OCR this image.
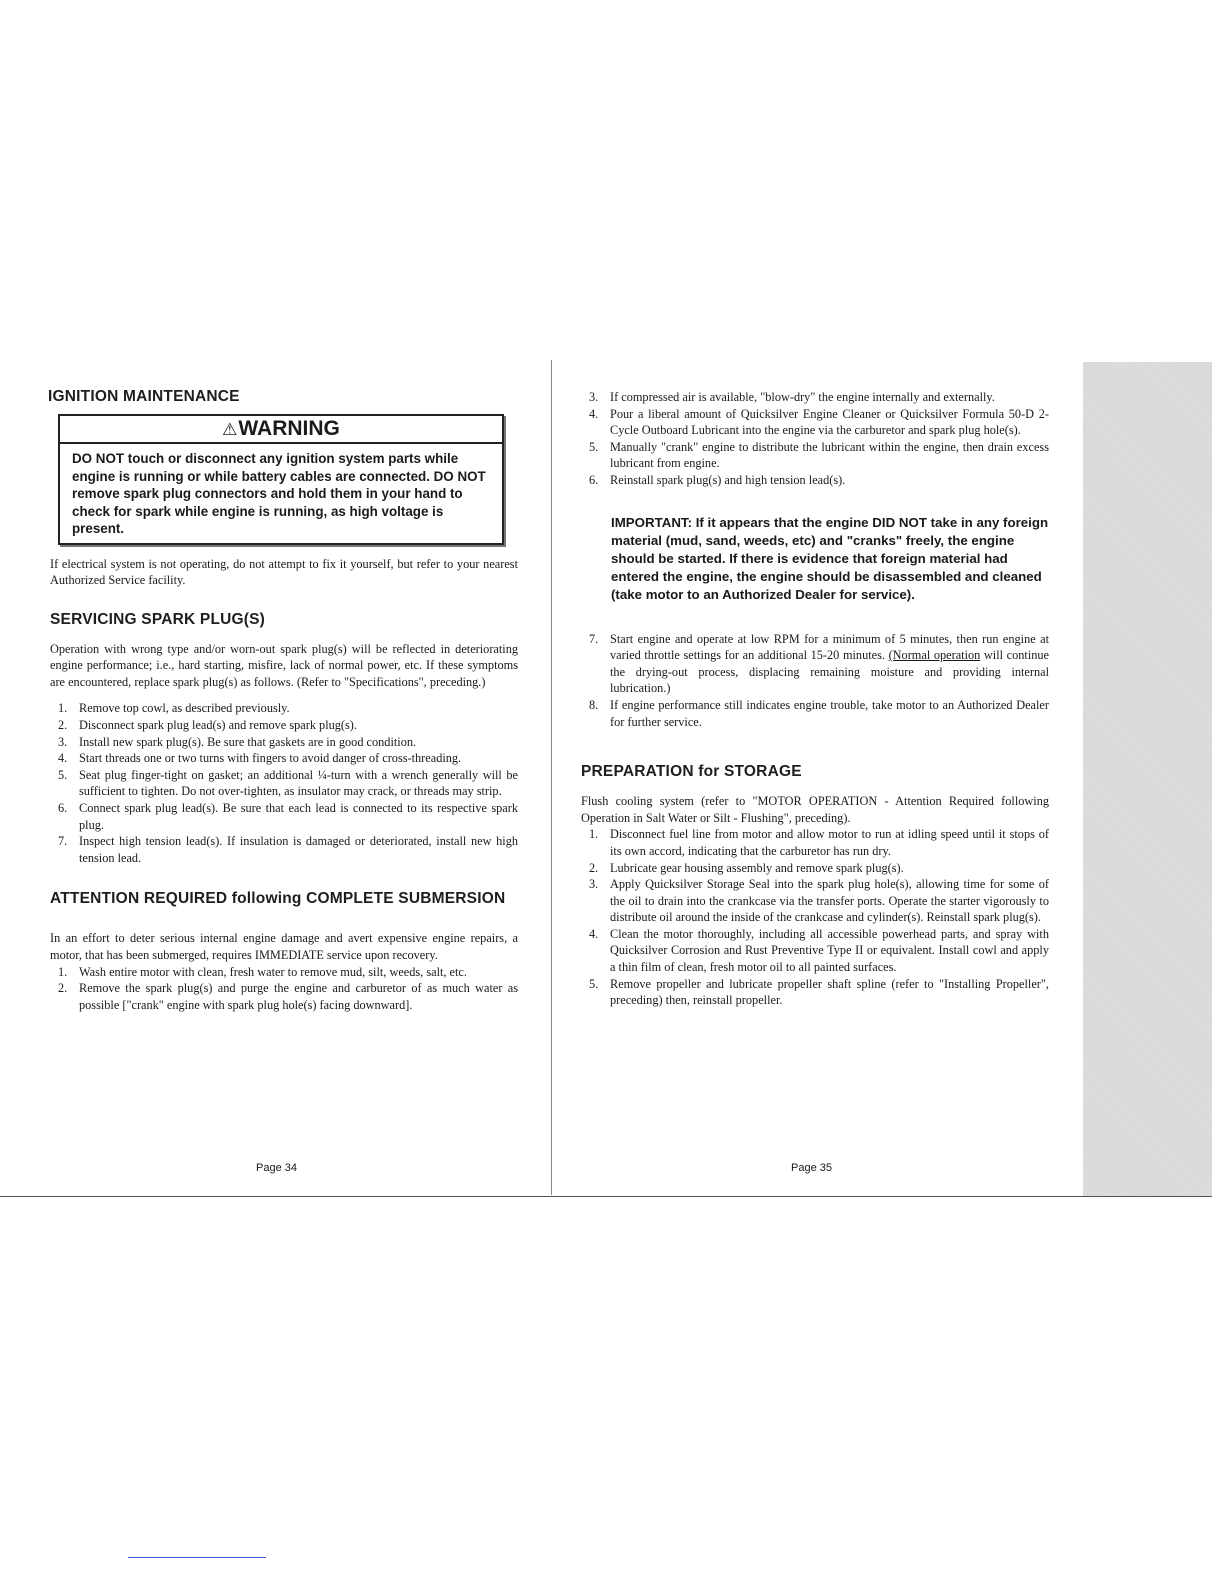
IGNITION MAINTENANCE
⚠WARNING
DO NOT touch or disconnect any ignition system parts while engine is running or while battery cables are connected. DO NOT remove spark plug connectors and hold them in your hand to check for spark while engine is running, as high voltage is present.

If electrical system is not operating, do not attempt to fix it yourself, but refer to your nearest Authorized Service facility.

SERVICING SPARK PLUG(S)

Operation with wrong type and/or worn-out spark plug(s) will be reflected in deteriorating engine performance; i.e., hard starting, misfire, lack of normal power, etc. If these symptoms are encountered, replace spark plug(s) as follows. (Refer to "Specifications", preceding.)

1. Remove top cowl, as described previously.
2. Disconnect spark plug lead(s) and remove spark plug(s).
3. Install new spark plug(s). Be sure that gaskets are in good condition.
4. Start threads one or two turns with fingers to avoid danger of cross-threading.
5. Seat plug finger-tight on gasket; an additional ¼-turn with a wrench generally will be sufficient to tighten. Do not over-tighten, as insulator may crack, or threads may strip.
6. Connect spark plug lead(s). Be sure that each lead is connected to its respective spark plug.
7. Inspect high tension lead(s). If insulation is damaged or deteriorated, install new high tension lead.
ATTENTION REQUIRED following COMPLETE SUBMERSION

In an effort to deter serious internal engine damage and avert expensive engine repairs, a motor, that has been submerged, requires IMMEDIATE service upon recovery.

1. Wash entire motor with clean, fresh water to remove mud, silt, weeds, salt, etc.
2. Remove the spark plug(s) and purge the engine and carburetor of as much water as possible ["crank" engine with spark plug hole(s) facing downward].
Page 34
3. If compressed air is available, "blow-dry" the engine internally and externally.
4. Pour a liberal amount of Quicksilver Engine Cleaner or Quicksilver Formula 50-D 2-Cycle Outboard Lubricant into the engine via the carburetor and spark plug hole(s).
5. Manually "crank" engine to distribute the lubricant within the engine, then drain excess lubricant from engine.
6. Reinstall spark plug(s) and high tension lead(s).

IMPORTANT: If it appears that the engine DID NOT take in any foreign material (mud, sand, weeds, etc) and "cranks" freely, the engine should be started. If there is evidence that foreign material had entered the engine, the engine should be disassembled and cleaned (take motor to an Authorized Dealer for service).

7. Start engine and operate at low RPM for a minimum of 5 minutes, then run engine at varied throttle settings for an additional 15-20 minutes. (Normal operation will continue the drying-out process, displacing remaining moisture and providing internal lubrication.)
8. If engine performance still indicates engine trouble, take motor to an Authorized Dealer for further service.
PREPARATION for STORAGE

Flush cooling system (refer to "MOTOR OPERATION - Attention Required following Operation in Salt Water or Silt - Flushing", preceding).

1. Disconnect fuel line from motor and allow motor to run at idling speed until it stops of its own accord, indicating that the carburetor has run dry.
2. Lubricate gear housing assembly and remove spark plug(s).
3. Apply Quicksilver Storage Seal into the spark plug hole(s), allowing time for some of the oil to drain into the crankcase via the transfer ports. Operate the starter vigorously to distribute oil around the inside of the crankcase and cylinder(s). Reinstall spark plug(s).
4. Clean the motor thoroughly, including all accessible powerhead parts, and spray with Quicksilver Corrosion and Rust Preventive Type II or equivalent. Install cowl and apply a thin film of clean, fresh motor oil to all painted surfaces.
5. Remove propeller and lubricate propeller shaft spline (refer to "Installing Propeller", preceding) then, reinstall propeller.
Page 35
